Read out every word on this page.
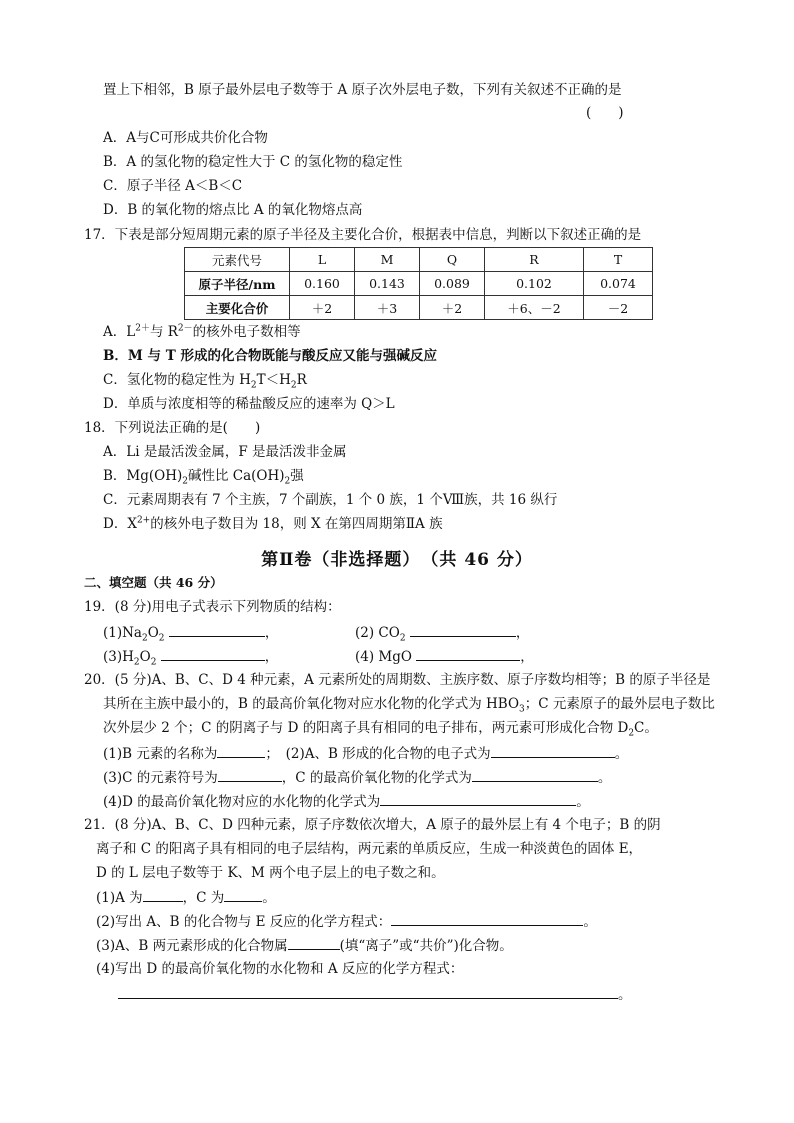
置上下相邻，B 原子最外层电子数等于 A 原子次外层电子数，下列有关叙述不正确的是
(　　)
A．A与C可形成共价化合物
B．A 的氢化物的稳定性大于 C 的氢化物的稳定性
C．原子半径 A＜B＜C
D．B 的氧化物的熔点比 A 的氧化物熔点高
17．下表是部分短周期元素的原子半径及主要化合价，根据表中信息，判断以下叙述正确的是
元素代号	L	M	Q	R	T
原子半径/nm	0.160	0.143	0.089	0.102	0.074
主要化合价	＋2	＋3	＋2	＋6、－2	－2
A．$L^{2+}$与 $R^{2-}$的核外电子数相等
B．M 与 T 形成的化合物既能与酸反应又能与强碱反应
C．氢化物的稳定性为 $H_2T<H_2R$
D．单质与浓度相等的稀盐酸反应的速率为 Q＞L
18．下列说法正确的是(　　)
A．Li 是最活泼金属，F 是最活泼非金属
B．$Mg(OH)_2$碱性比 $Ca(OH)_2$强
C．元素周期表有 7 个主族，7 个副族，1 个 0 族，1 个Ⅷ族，共 16 纵行
D．$X^{2+}$的核外电子数目为 18，则 X 在第四周期第ⅡA 族
第Ⅱ卷（非选择题）　（共 46 分）
二、填空题（共 46 分）
19．(8 分)用电子式表示下列物质的结构：
$(1)Na_2O_2$	，	(2) $CO_2$	，
$(3)H_2O_2$	，	(4) MgO	，
20．(5 分)A、B、C、D 4 种元素，A 元素所处的周期数、主族序数、原子序数均相等；B 的原子半径是
其所在主族中最小的，B 的最高价氧化物对应水化物的化学式为 $HBO_3$；C 元素原子的最外层电子数比
次外层少 2 个；C 的阴离子与 D 的阳离子具有相同的电子排布，两元素可形成化合物 $D_2C$。
(1)B 元素的名称为	；　(2)A、B 形成的化合物的电子式为	。
(3)C 的元素符号为	，C 的最高价氧化物的化学式为	。
(4)D 的最高价氧化物对应的水化物的化学式为	。
21．(8 分)A、B、C、D 四种元素，原子序数依次增大，A 原子的最外层上有 4 个电子；B 的阴
离子和 C 的阳离子具有相同的电子层结构，两元素的单质反应，生成一种淡黄色的固体 E，
D 的 L 层电子数等于 K、M 两个电子层上的电子数之和。
(1)A 为	，C 为	。
(2)写出 A、B 的化合物与 E 反应的化学方程式：	。
(3)A、B 两元素形成的化合物属	(填“离子”或“共价”)化合物。
(4)写出 D 的最高价氧化物的水化物和 A 反应的化学方程式：
。
